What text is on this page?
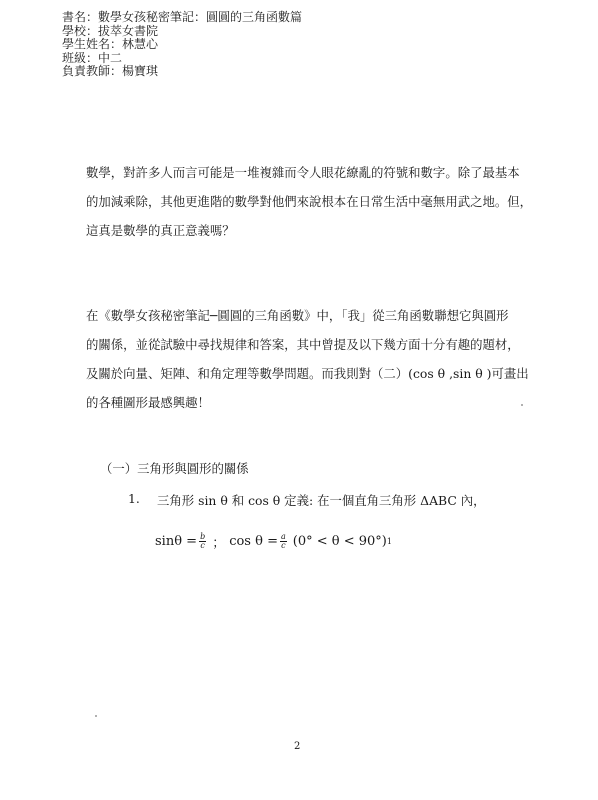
書名：數學女孩秘密筆記：圓圓的三角函數篇
學校：拔萃女書院
學生姓名：林慧心
班級：中二
負責教師：楊寶琪
數學，對許多人而言可能是一堆複雜而令人眼花繚亂的符號和數字。除了最基本
的加減乘除，其他更進階的數學對他們來說根本在日常生活中毫無用武之地。但，
這真是數學的真正意義嗎？
在《數學女孩秘密筆記─圓圓的三角函數》中，「我」從三角函數聯想它與圓形
的關係，並從試驗中尋找規律和答案，其中曾提及以下幾方面十分有趣的題材，
及關於向量、矩陣、和角定理等數學問題。而我則對（二）(cos θ ,sin θ )可畫出
的各種圖形最感興趣！
（一）三角形與圓形的關係
1. 三角形 sin θ 和 cos θ 定義: 在一個直角三角形 ΔABC 內，
$\sin\theta = \frac{b}{c}$ ； $\cos \theta = \frac{a}{c} (0^\circ < \theta < 90^\circ)$ 1
2
